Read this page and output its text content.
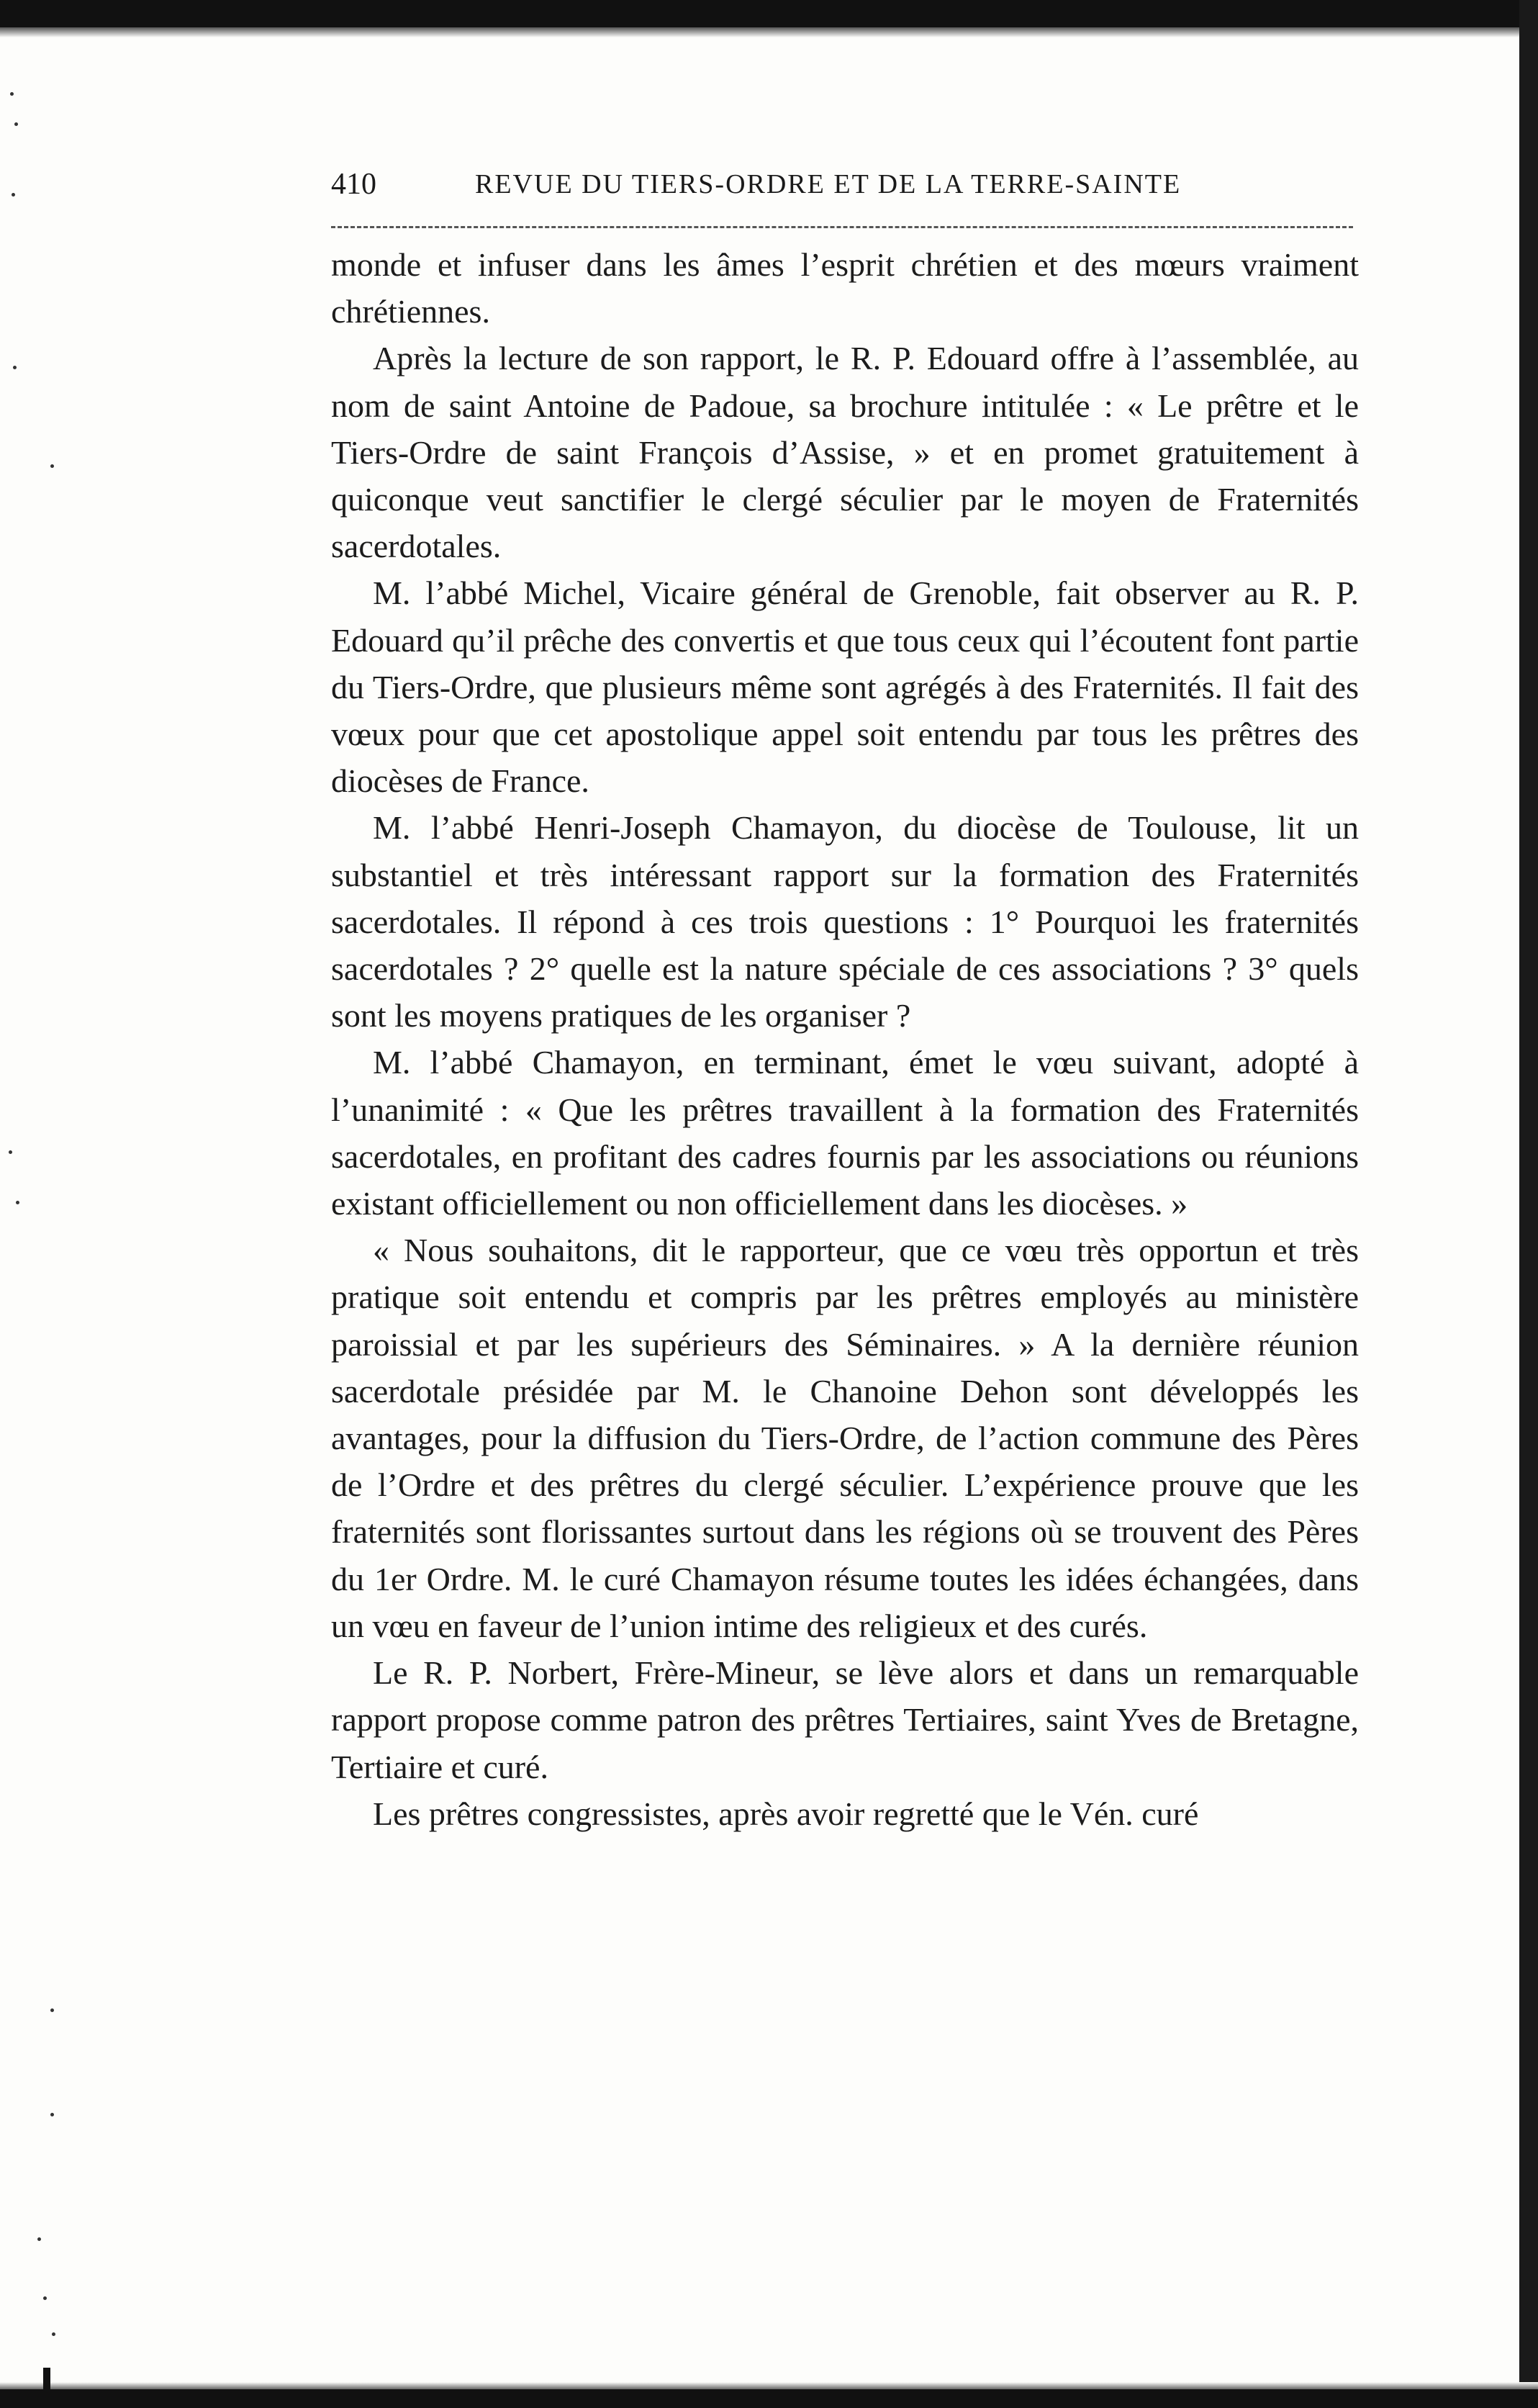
410	REVUE DU TIERS-ORDRE ET DE LA TERRE-SAINTE

monde et infuser dans les âmes l’esprit chrétien et des mœurs vraiment chrétiennes.

Après la lecture de son rapport, le R. P. Edouard offre à l’assemblée, au nom de saint Antoine de Padoue, sa brochure intitulée : « Le prêtre et le Tiers-Ordre de saint François d’Assise, » et en promet gratuitement à quiconque veut sanctifier le clergé séculier par le moyen de Fraternités sacerdotales.

M. l’abbé Michel, Vicaire général de Grenoble, fait observer au R. P. Edouard qu’il prêche des convertis et que tous ceux qui l’écoutent font partie du Tiers-Ordre, que plusieurs même sont agrégés à des Fraternités. Il fait des vœux pour que cet apostolique appel soit entendu par tous les prêtres des diocèses de France.

M. l’abbé Henri-Joseph Chamayon, du diocèse de Toulouse, lit un substantiel et très intéressant rapport sur la formation des Fraternités sacerdotales. Il répond à ces trois questions : 1° Pourquoi les fraternités sacerdotales ? 2° quelle est la nature spéciale de ces associations ? 3° quels sont les moyens pratiques de les organiser ?

M. l’abbé Chamayon, en terminant, émet le vœu suivant, adopté à l’unanimité : « Que les prêtres travaillent à la formation des Fraternités sacerdotales, en profitant des cadres fournis par les associations ou réunions existant officiellement ou non officiellement dans les diocèses. »

« Nous souhaitons, dit le rapporteur, que ce vœu très opportun et très pratique soit entendu et compris par les prêtres employés au ministère paroissial et par les supérieurs des Séminaires. » A la dernière réunion sacerdotale présidée par M. le Chanoine Dehon sont développés les avantages, pour la diffusion du Tiers-Ordre, de l’action commune des Pères de l’Ordre et des prêtres du clergé séculier. L’expérience prouve que les fraternités sont florissantes surtout dans les régions où se trouvent des Pères du 1er Ordre. M. le curé Chamayon résume toutes les idées échangées, dans un vœu en faveur de l’union intime des religieux et des curés.

Le R. P. Norbert, Frère-Mineur, se lève alors et dans un remarquable rapport propose comme patron des prêtres Tertiaires, saint Yves de Bretagne, Tertiaire et curé.

Les prêtres congressistes, après avoir regretté que le Vén. curé
